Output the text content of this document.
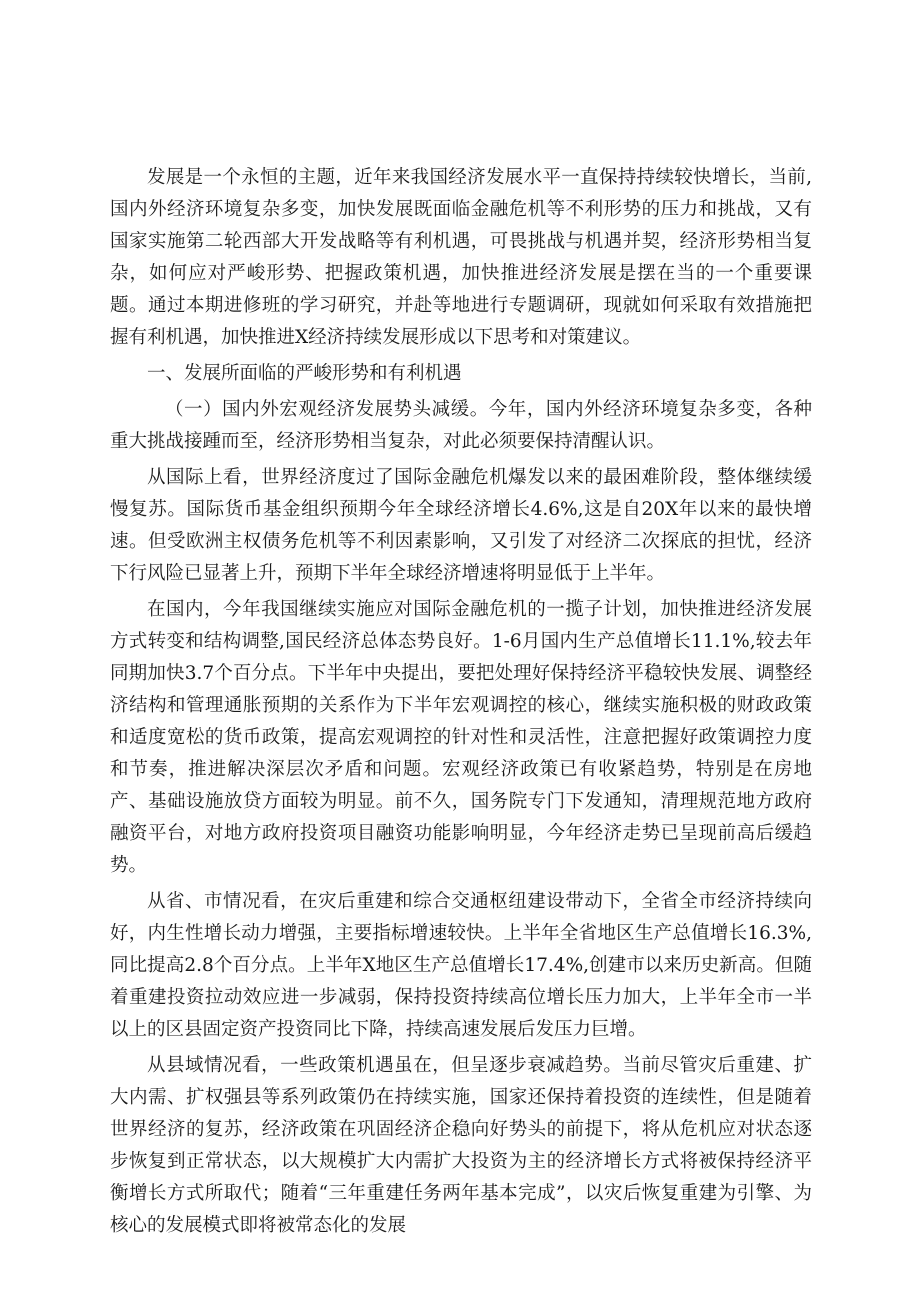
发展是一个永恒的主题，近年来我国经济发展水平一直保持持续较快增长，当前,国内外经济环境复杂多变，加快发展既面临金融危机等不利形势的压力和挑战，又有国家实施第二轮西部大开发战略等有利机遇，可畏挑战与机遇并契，经济形势相当复杂，如何应对严峻形势、把握政策机遇，加快推进经济发展是摆在当的一个重要课题。通过本期进修班的学习研究，并赴等地进行专题调研，现就如何采取有效措施把握有利机遇，加快推进X经济持续发展形成以下思考和对策建议。

一、发展所面临的严峻形势和有利机遇

（一）国内外宏观经济发展势头减缓。今年，国内外经济环境复杂多变，各种重大挑战接踵而至，经济形势相当复杂，对此必须要保持清醒认识。

从国际上看，世界经济度过了国际金融危机爆发以来的最困难阶段，整体继续缓慢复苏。国际货币基金组织预期今年全球经济增长4.6%,这是自20X年以来的最快增速。但受欧洲主权债务危机等不利因素影响，又引发了对经济二次探底的担忧，经济下行风险已显著上升，预期下半年全球经济增速将明显低于上半年。

在国内，今年我国继续实施应对国际金融危机的一揽子计划，加快推进经济发展方式转变和结构调整,国民经济总体态势良好。1-6月国内生产总值增长11.1%,较去年同期加快3.7个百分点。下半年中央提出，要把处理好保持经济平稳较快发展、调整经济结构和管理通胀预期的关系作为下半年宏观调控的核心，继续实施积极的财政政策和适度宽松的货币政策，提高宏观调控的针对性和灵活性，注意把握好政策调控力度和节奏，推进解决深层次矛盾和问题。宏观经济政策已有收紧趋势，特别是在房地产、基础设施放贷方面较为明显。前不久，国务院专门下发通知，清理规范地方政府融资平台，对地方政府投资项目融资功能影响明显，今年经济走势已呈现前高后缓趋势。

从省、市情况看，在灾后重建和综合交通枢纽建设带动下，全省全市经济持续向好，内生性增长动力增强，主要指标增速较快。上半年全省地区生产总值增长16.3%,同比提高2.8个百分点。上半年X地区生产总值增长17.4%,创建市以来历史新高。但随着重建投资拉动效应进一步减弱，保持投资持续高位增长压力加大，上半年全市一半以上的区县固定资产投资同比下降，持续高速发展后发压力巨增。

从县域情况看，一些政策机遇虽在，但呈逐步衰减趋势。当前尽管灾后重建、扩大内需、扩权强县等系列政策仍在持续实施，国家还保持着投资的连续性，但是随着世界经济的复苏，经济政策在巩固经济企稳向好势头的前提下，将从危机应对状态逐步恢复到正常状态，以大规模扩大内需扩大投资为主的经济增长方式将被保持经济平衡增长方式所取代；随着“三年重建任务两年基本完成”，以灾后恢复重建为引擎、为核心的发展模式即将被常态化的发展
